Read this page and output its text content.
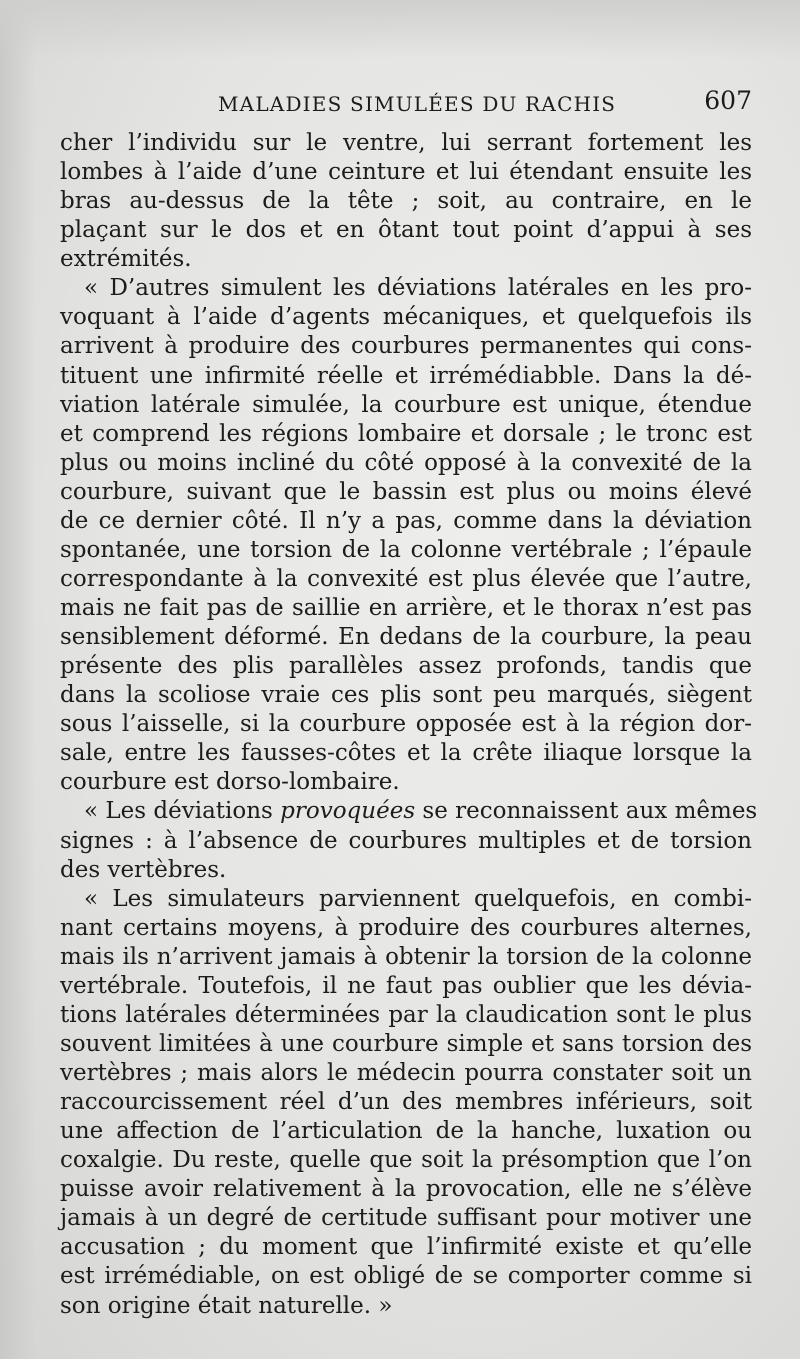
MALADIES SIMULÉES DU RACHIS	607
cher l’individu sur le ventre, lui serrant fortement les
lombes à l’aide d’une ceinture et lui étendant ensuite les
bras au-dessus de la tête ; soit, au contraire, en le
plaçant sur le dos et en ôtant tout point d’appui à ses
extrémités.
« D’autres simulent les déviations latérales en les pro-
voquant à l’aide d’agents mécaniques, et quelquefois ils
arrivent à produire des courbures permanentes qui cons-
tituent une infirmité réelle et irrémédiabble. Dans la dé-
viation latérale simulée, la courbure est unique, étendue
et comprend les régions lombaire et dorsale ; le tronc est
plus ou moins incliné du côté opposé à la convexité de la
courbure, suivant que le bassin est plus ou moins élevé
de ce dernier côté. Il n’y a pas, comme dans la déviation
spontanée, une torsion de la colonne vertébrale ; l’épaule
correspondante à la convexité est plus élevée que l’autre,
mais ne fait pas de saillie en arrière, et le thorax n’est pas
sensiblement déformé. En dedans de la courbure, la peau
présente des plis parallèles assez profonds, tandis que
dans la scoliose vraie ces plis sont peu marqués, siègent
sous l’aisselle, si la courbure opposée est à la région dor-
sale, entre les fausses-côtes et la crête iliaque lorsque la
courbure est dorso-lombaire.
« Les déviations provoquées se reconnaissent aux mêmes
signes : à l’absence de courbures multiples et de torsion
des vertèbres.
« Les simulateurs parviennent quelquefois, en combi-
nant certains moyens, à produire des courbures alternes,
mais ils n’arrivent jamais à obtenir la torsion de la colonne
vertébrale. Toutefois, il ne faut pas oublier que les dévia-
tions latérales déterminées par la claudication sont le plus
souvent limitées à une courbure simple et sans torsion des
vertèbres ; mais alors le médecin pourra constater soit un
raccourcissement réel d’un des membres inférieurs, soit
une affection de l’articulation de la hanche, luxation ou
coxalgie. Du reste, quelle que soit la présomption que l’on
puisse avoir relativement à la provocation, elle ne s’élève
jamais à un degré de certitude suffisant pour motiver une
accusation ; du moment que l’infirmité existe et qu’elle
est irrémédiable, on est obligé de se comporter comme si
son origine était naturelle. »
